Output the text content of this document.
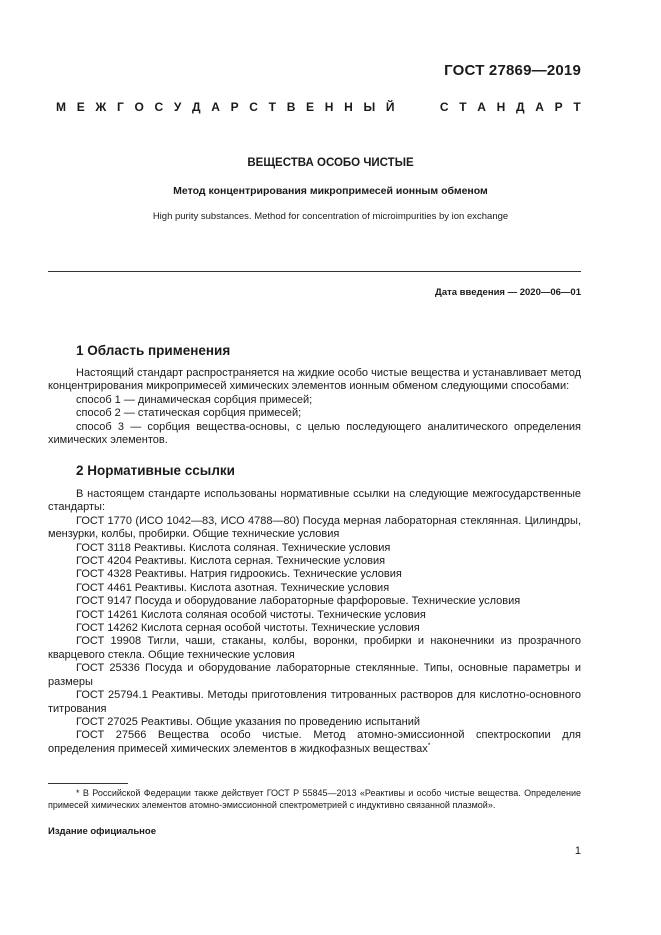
ГОСТ 27869—2019
М Е Ж Г О С У Д А Р С Т В Е Н Н Ы Й	С Т А Н Д А Р Т
ВЕЩЕСТВА ОСОБО ЧИСТЫЕ
Метод концентрирования микропримесей ионным обменом
High purity substances. Method for concentration of microimpurities by ion exchange
Дата введения — 2020—06—01
1 Область применения

Настоящий стандарт распространяется на жидкие особо чистые вещества и устанавливает метод концентрирования микропримесей химических элементов ионным обменом следующими способами:

способ 1 — динамическая сорбция примесей;

способ 2 — статическая сорбция примесей;

способ 3 — сорбция вещества-основы, с целью последующего аналитического определения химических элементов.

2 Нормативные ссылки

В настоящем стандарте использованы нормативные ссылки на следующие межгосударственные стандарты:

ГОСТ 1770 (ИСО 1042—83, ИСО 4788—80) Посуда мерная лабораторная стеклянная. Цилиндры, мензурки, колбы, пробирки. Общие технические условия

ГОСТ 3118 Реактивы. Кислота соляная. Технические условия

ГОСТ 4204 Реактивы. Кислота серная. Технические условия

ГОСТ 4328 Реактивы. Натрия гидроокись. Технические условия

ГОСТ 4461 Реактивы. Кислота азотная. Технические условия

ГОСТ 9147 Посуда и оборудование лабораторные фарфоровые. Технические условия

ГОСТ 14261 Кислота соляная особой чистоты. Технические условия

ГОСТ 14262 Кислота серная особой чистоты. Технические условия

ГОСТ 19908 Тигли, чаши, стаканы, колбы, воронки, пробирки и наконечники из прозрачного кварцевого стекла. Общие технические условия

ГОСТ 25336 Посуда и оборудование лабораторные стеклянные. Типы, основные параметры и размеры

ГОСТ 25794.1 Реактивы. Методы приготовления титрованных растворов для кислотно-основного титрования

ГОСТ 27025 Реактивы. Общие указания по проведению испытаний

ГОСТ 27566 Вещества особо чистые. Метод атомно-эмиссионной спектроскопии для определения примесей химических элементов в жидкофазных веществах*

* В Российской Федерации также действует ГОСТ Р 55845—2013 «Реактивы и особо чистые вещества. Определение примесей химических элементов атомно-эмиссионной спектрометрией с индуктивно связанной плазмой».

Издание официальное
1
